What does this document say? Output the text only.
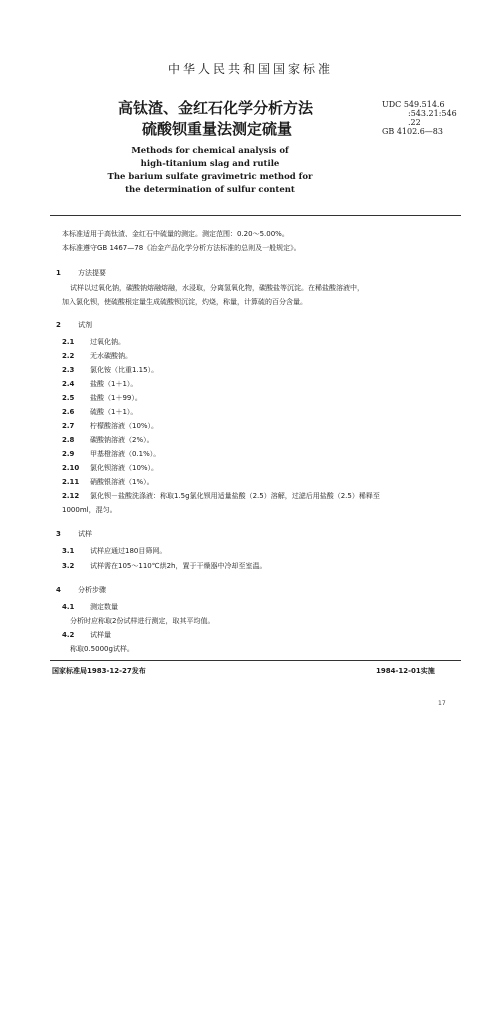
中华人民共和国国家标准
高钛渣、金红石化学分析方法
硫酸钡重量法测定硫量
UDC 549.514.6
:543.21:546
.22
GB 4102.6—83
Methods for chemical analysis of
high-titanium slag and rutile
The barium sulfate gravimetric method for
the determination of sulfur content
本标准适用于高钛渣、金红石中硫量的测定。测定范围：0.20～5.00%。
本标准遵守GB 1467—78《冶金产品化学分析方法标准的总则及一般规定》。
1 方法提要
试样以过氧化钠，碳酸钠熔融熔融，水浸取，分离氢氧化物，碳酸盐等沉淀。在稀盐酸溶液中，
加入氯化钡，使硫酸根定量生成硫酸钡沉淀，灼烧，称量，计算硫的百分含量。
2 试剂
2.1 过氧化钠。
2.2 无水碳酸钠。
2.3 氯化铵（比重1.15）。
2.4 盐酸（1＋1）。
2.5 盐酸（1＋99）。
2.6 硫酸（1＋1）。
2.7 柠檬酸溶液（10%）。
2.8 碳酸钠溶液（2%）。
2.9 甲基橙溶液（0.1%）。
2.10 氯化钡溶液（10%）。
2.11 硝酸银溶液（1%）。
2.12 氯化钡－盐酸洗涤液：称取1.5g氯化钡用适量盐酸（2.5）溶解，过滤后用盐酸（2.5）稀释至
1000ml，混匀。
3 试样
3.1 试样应通过180目筛网。
3.2 试样需在105～110℃烘2h，置于干燥器中冷却至室温。
4 分析步骤
4.1 测定数量
分析时应称取2份试样进行测定，取其平均值。
4.2 试样量
称取0.5000g试样。
国家标准局1983-12-27发布	1984-12-01实施
17
